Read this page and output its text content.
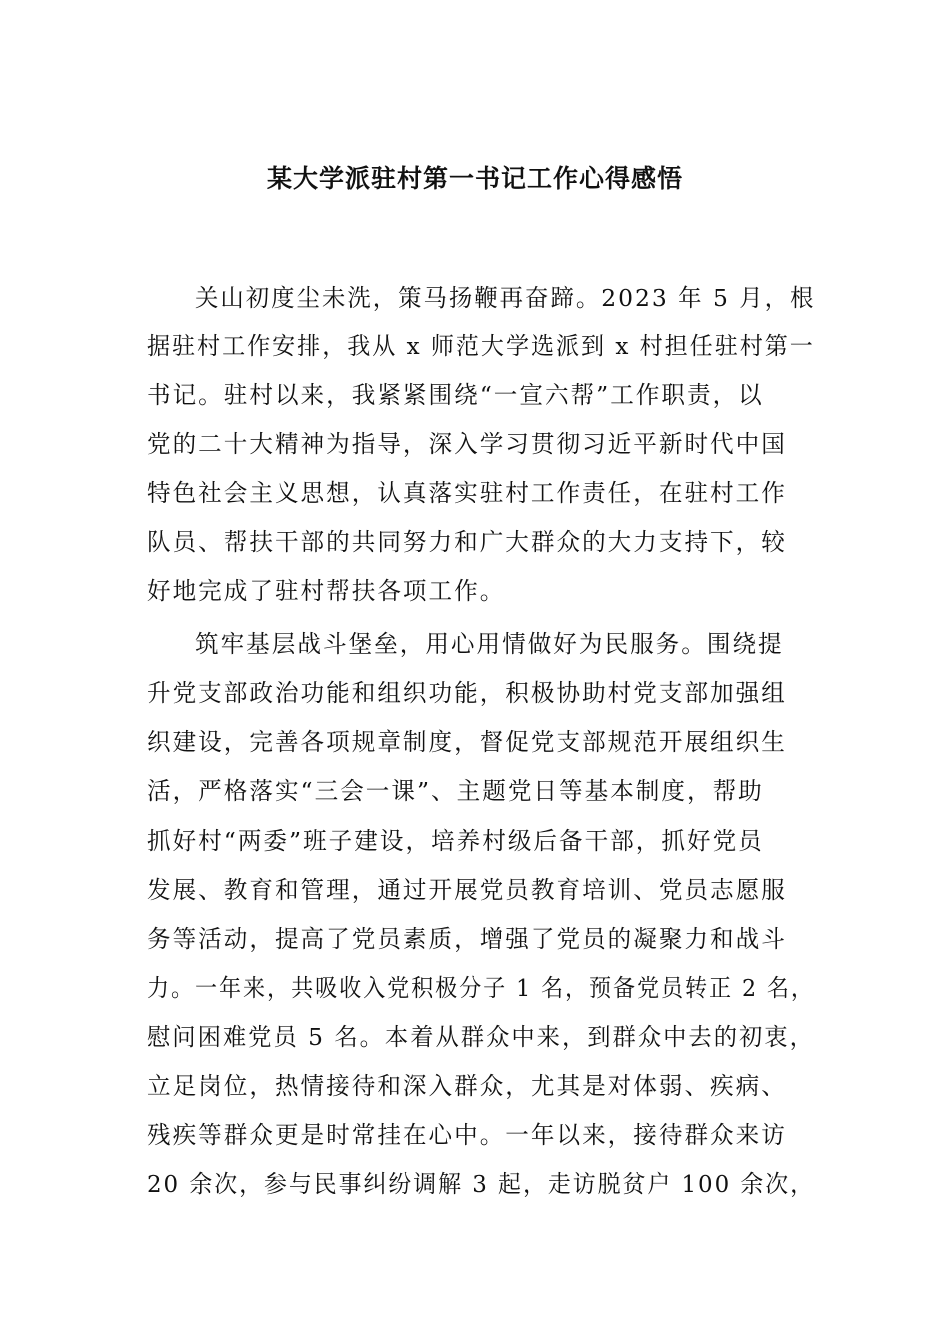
某大学派驻村第一书记工作心得感悟
关山初度尘未洗，策马扬鞭再奋蹄。2023 年 5 月，根
据驻村工作安排，我从 x 师范大学选派到 x 村担任驻村第一
书记。驻村以来，我紧紧围绕“一宣六帮”工作职责，以
党的二十大精神为指导，深入学习贯彻习近平新时代中国
特色社会主义思想，认真落实驻村工作责任，在驻村工作
队员、帮扶干部的共同努力和广大群众的大力支持下，较
好地完成了驻村帮扶各项工作。
筑牢基层战斗堡垒，用心用情做好为民服务。围绕提
升党支部政治功能和组织功能，积极协助村党支部加强组
织建设，完善各项规章制度，督促党支部规范开展组织生
活，严格落实“三会一课”、主题党日等基本制度，帮助
抓好村“两委”班子建设，培养村级后备干部，抓好党员
发展、教育和管理，通过开展党员教育培训、党员志愿服
务等活动，提高了党员素质，增强了党员的凝聚力和战斗
力。一年来，共吸收入党积极分子 1 名，预备党员转正 2 名，
慰问困难党员 5 名。本着从群众中来，到群众中去的初衷，
立足岗位，热情接待和深入群众，尤其是对体弱、疾病、
残疾等群众更是时常挂在心中。一年以来，接待群众来访
20 余次，参与民事纠纷调解 3 起，走访脱贫户 100 余次，
